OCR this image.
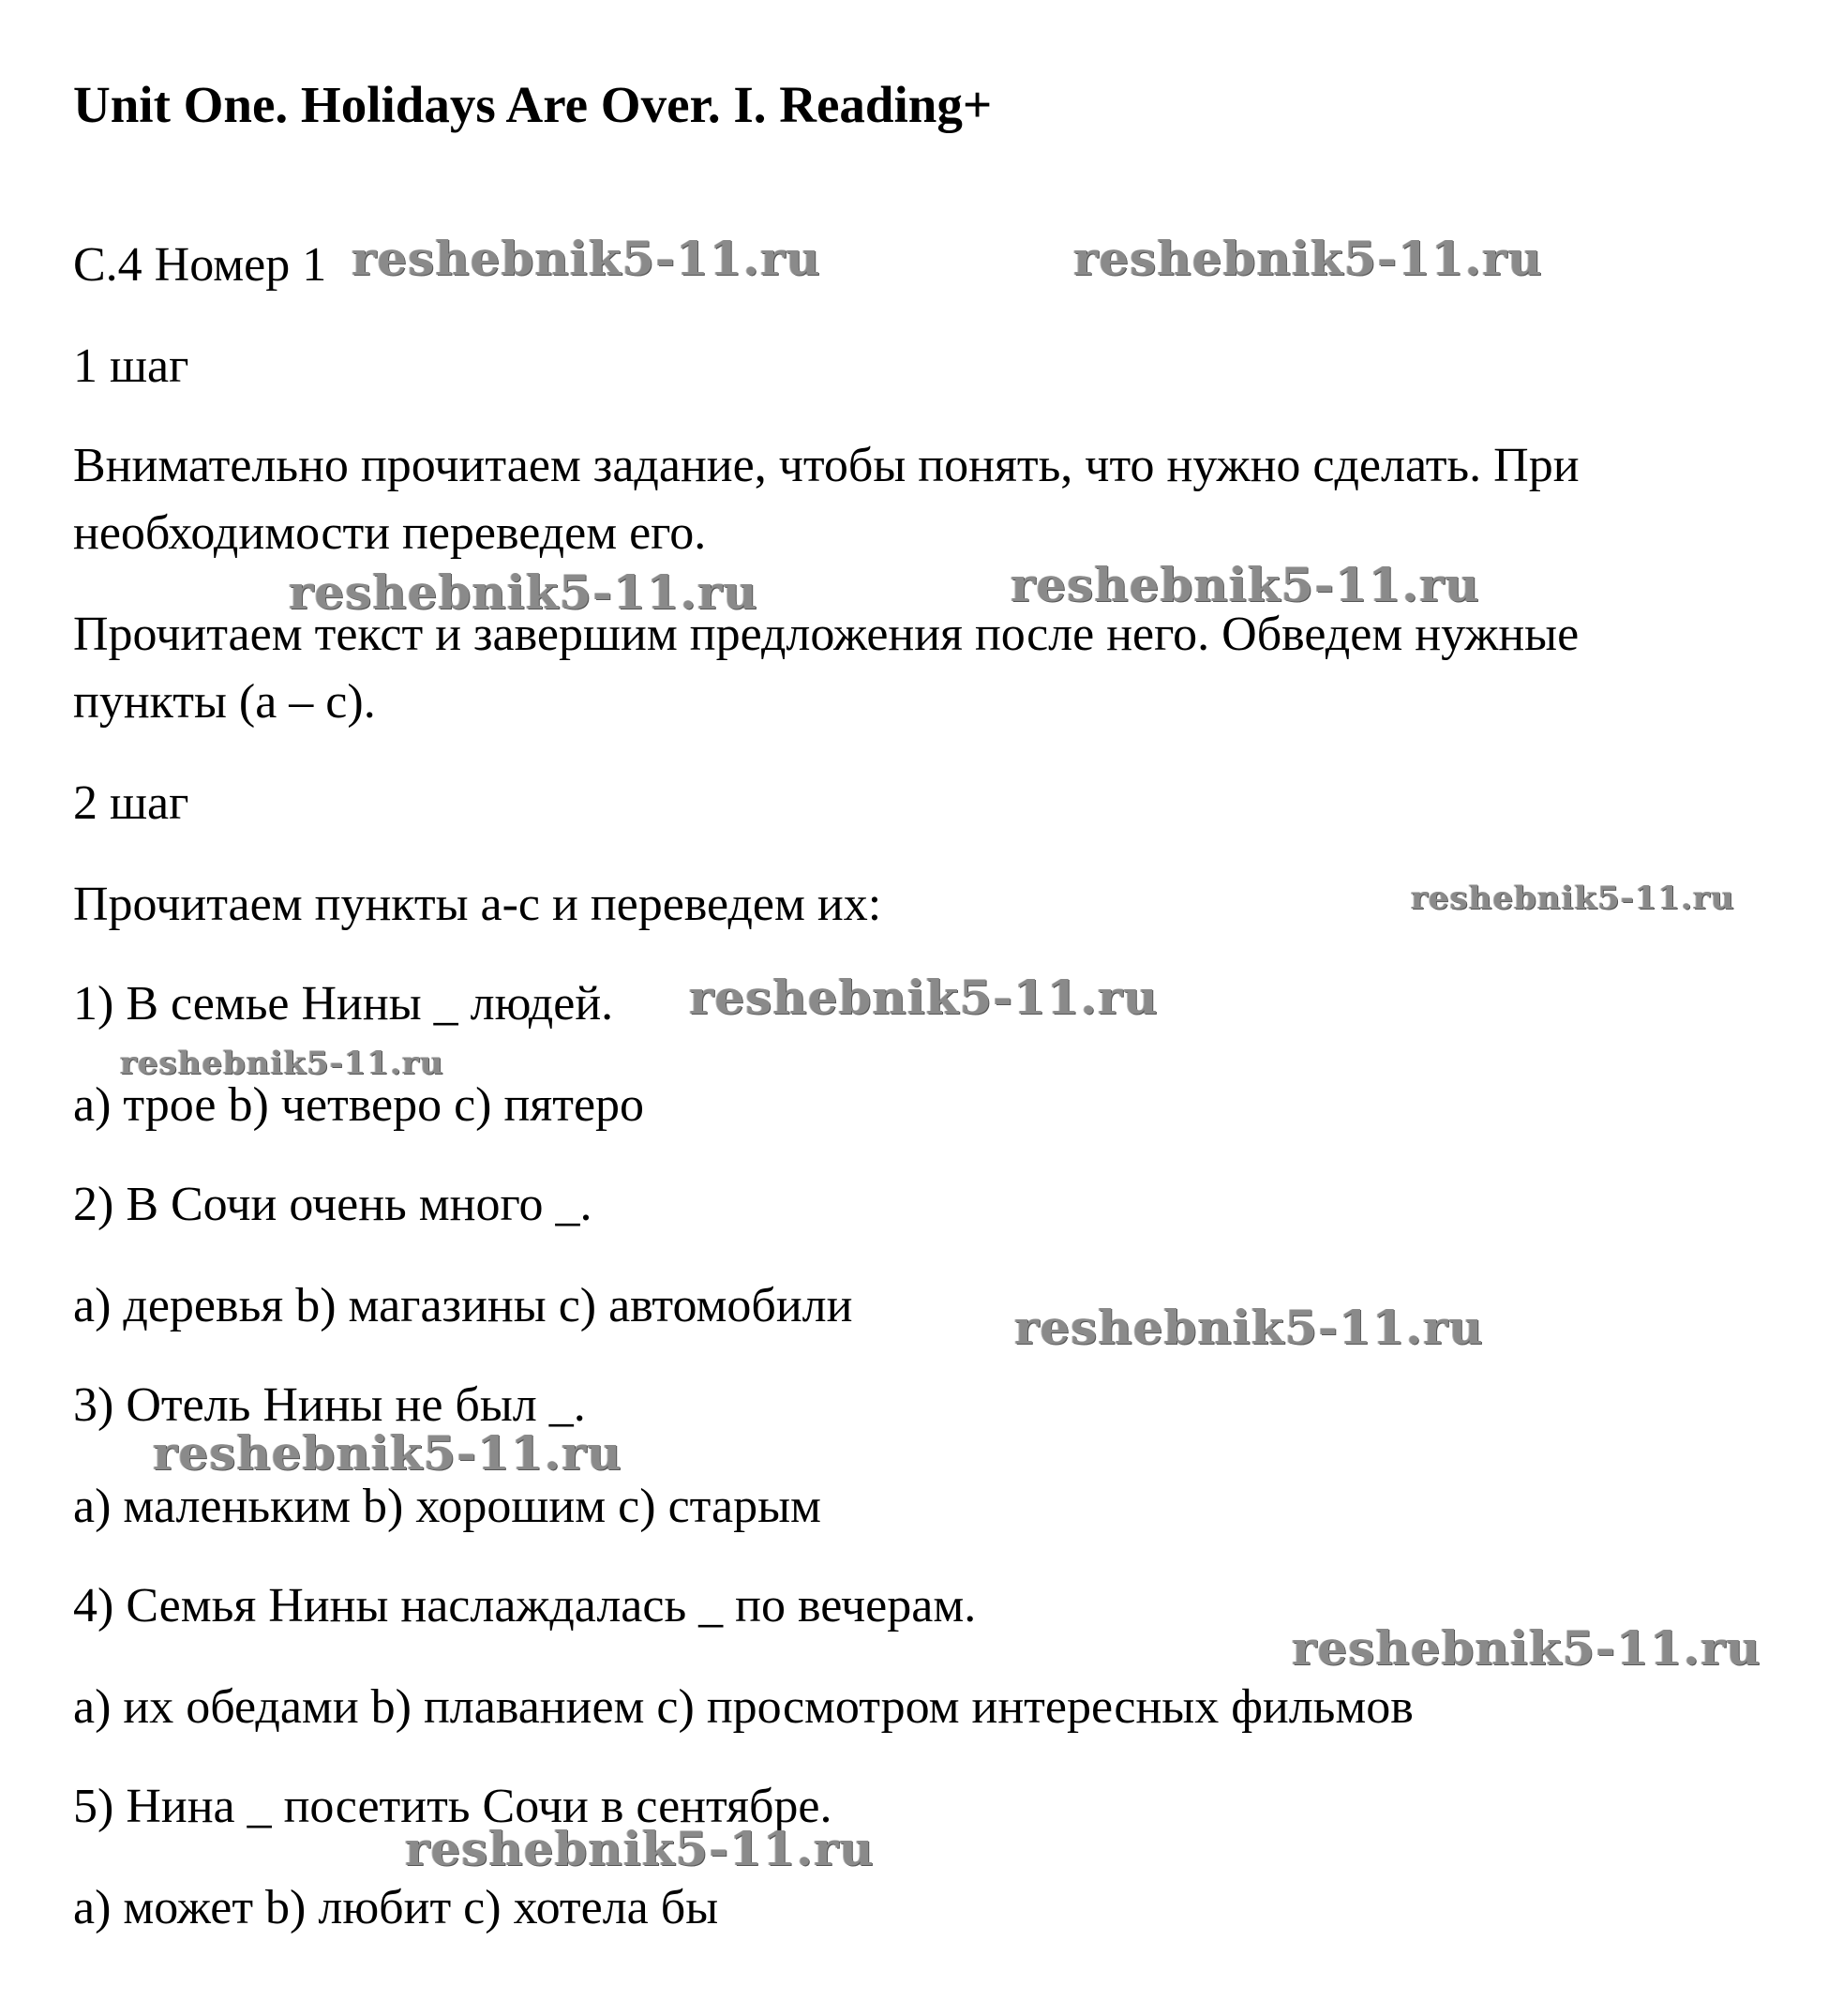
Unit One. Holidays Are Over. I. Reading+
C.4 Номер 1
1 шаг
Внимательно прочитаем задание, чтобы понять, что нужно сделать. При
необходимости переведем его.
Прочитаем текст и завершим предложения после него. Обведем нужные
пункты (a – c).
2 шаг
Прочитаем пункты a-c и переведем их:
1) В семье Нины _ людей.
a) трое b) четверо c) пятеро
2) В Сочи очень много _.
a) деревья b) магазины c) автомобили
3) Отель Нины не был _.
a) маленьким b) хорошим c) старым
4) Семья Нины наслаждалась _ по вечерам.
a) их обедами b) плаванием c) просмотром интересных фильмов
5) Нина _ посетить Сочи в сентябре.
a) может b) любит c) хотела бы
reshebnik5-11.ru	reshebnik5-11.ru
reshebnik5-11.ru	reshebnik5-11.ru
reshebnik5-11.ru
reshebnik5-11.ru
reshebnik5-11.ru
reshebnik5-11.ru
reshebnik5-11.ru
reshebnik5-11.ru
reshebnik5-11.ru
